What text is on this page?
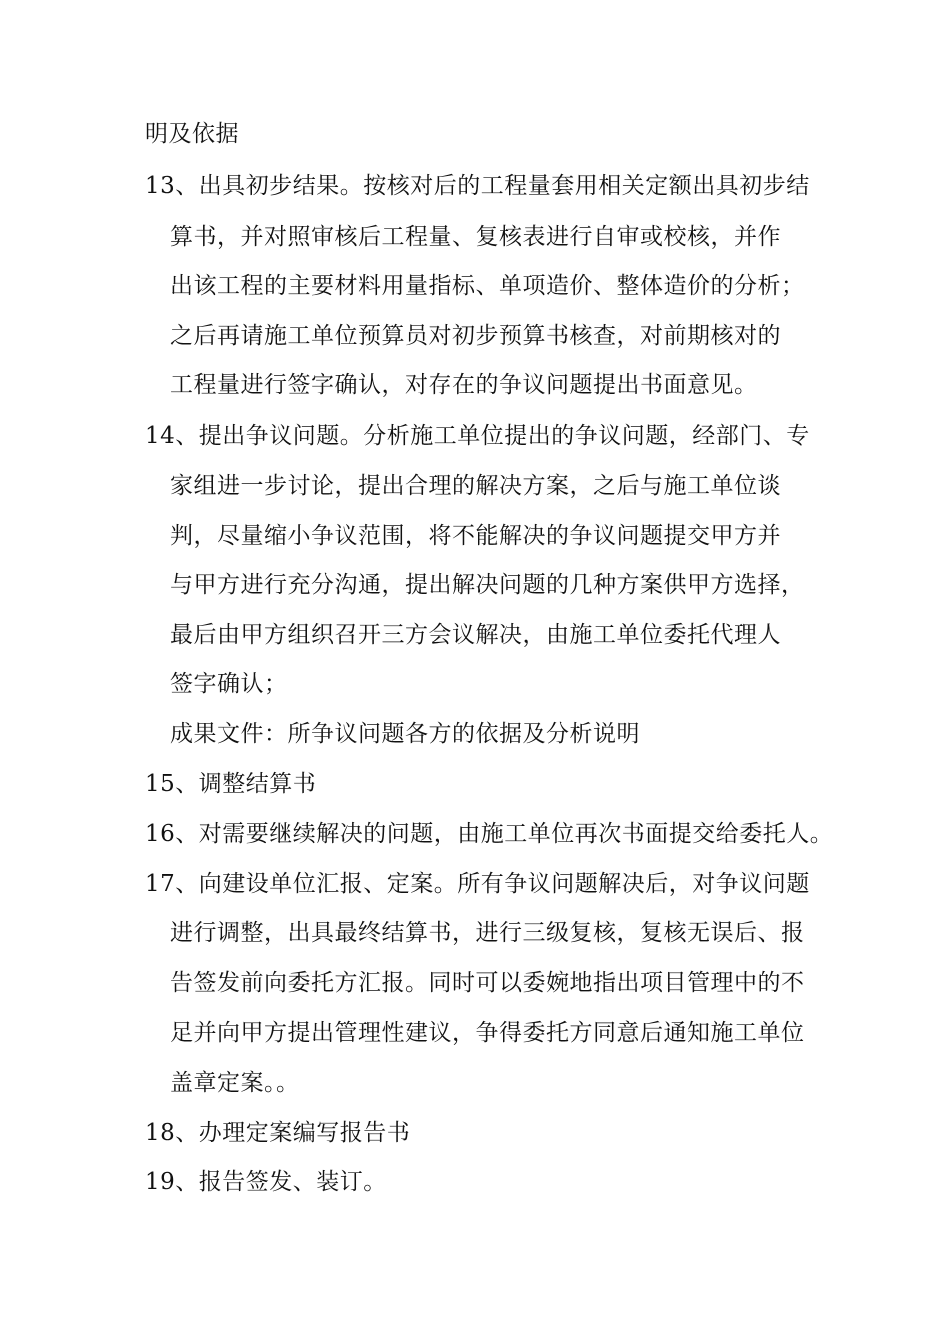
明及依据
13、出具初步结果。按核对后的工程量套用相关定额出具初步结
算书，并对照审核后工程量、复核表进行自审或校核，并作
出该工程的主要材料用量指标、单项造价、整体造价的分析；
之后再请施工单位预算员对初步预算书核查，对前期核对的
工程量进行签字确认，对存在的争议问题提出书面意见。
14、提出争议问题。分析施工单位提出的争议问题，经部门、专
家组进一步讨论，提出合理的解决方案，之后与施工单位谈
判，尽量缩小争议范围，将不能解决的争议问题提交甲方并
与甲方进行充分沟通，提出解决问题的几种方案供甲方选择，
最后由甲方组织召开三方会议解决，由施工单位委托代理人
签字确认；
成果文件：所争议问题各方的依据及分析说明
15、调整结算书
16、对需要继续解决的问题，由施工单位再次书面提交给委托人。
17、向建设单位汇报、定案。所有争议问题解决后，对争议问题
进行调整，出具最终结算书，进行三级复核，复核无误后、报
告签发前向委托方汇报。同时可以委婉地指出项目管理中的不
足并向甲方提出管理性建议，争得委托方同意后通知施工单位
盖章定案。。
18、办理定案编写报告书
19、报告签发、装订。
